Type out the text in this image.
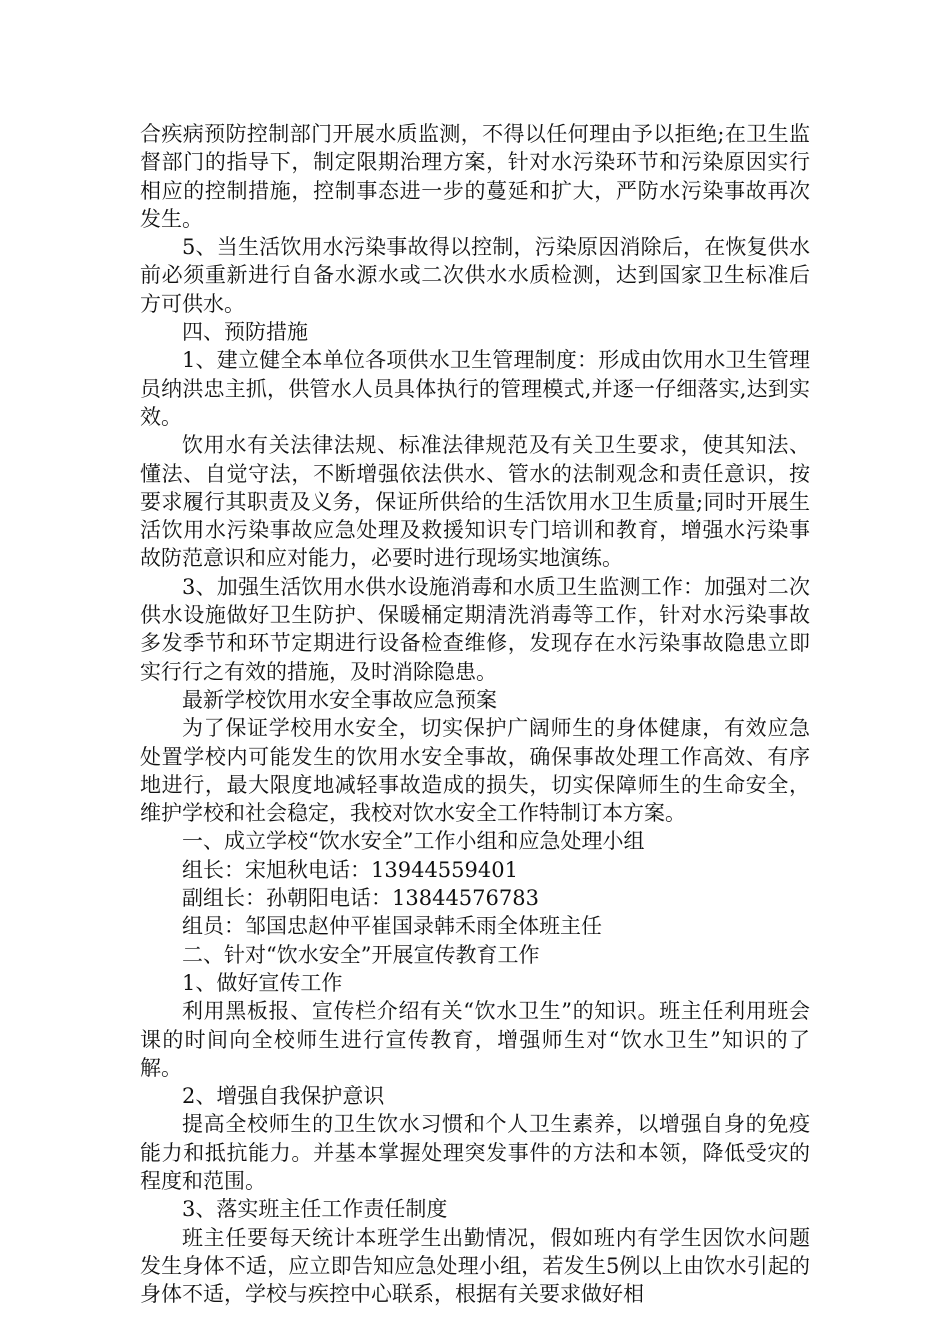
合疾病预防控制部门开展水质监测，不得以任何理由予以拒绝;在卫生监督部门的指导下，制定限期治理方案，针对水污染环节和污染原因实行相应的控制措施，控制事态进一步的蔓延和扩大，严防水污染事故再次发生。

5、当生活饮用水污染事故得以控制，污染原因消除后，在恢复供水前必须重新进行自备水源水或二次供水水质检测，达到国家卫生标准后方可供水。

四、预防措施

1、建立健全本单位各项供水卫生管理制度：形成由饮用水卫生管理员纳洪忠主抓，供管水人员具体执行的管理模式,并逐一仔细落实,达到实效。

饮用水有关法律法规、标准法律规范及有关卫生要求，使其知法、懂法、自觉守法，不断增强依法供水、管水的法制观念和责任意识，按要求履行其职责及义务，保证所供给的生活饮用水卫生质量;同时开展生活饮用水污染事故应急处理及救援知识专门培训和教育，增强水污染事故防范意识和应对能力，必要时进行现场实地演练。

3、加强生活饮用水供水设施消毒和水质卫生监测工作：加强对二次供水设施做好卫生防护、保暖桶定期清洗消毒等工作，针对水污染事故多发季节和环节定期进行设备检查维修，发现存在水污染事故隐患立即实行行之有效的措施，及时消除隐患。

最新学校饮用水安全事故应急预案

为了保证学校用水安全，切实保护广阔师生的身体健康，有效应急处置学校内可能发生的饮用水安全事故，确保事故处理工作高效、有序地进行，最大限度地减轻事故造成的损失，切实保障师生的生命安全，维护学校和社会稳定，我校对饮水安全工作特制订本方案。

一、成立学校“饮水安全”工作小组和应急处理小组

组长：宋旭秋电话：13944559401

副组长：孙朝阳电话：13844576783

组员：邹国忠赵仲平崔国录韩禾雨全体班主任

二、针对“饮水安全”开展宣传教育工作

1、做好宣传工作

利用黑板报、宣传栏介绍有关“饮水卫生”的知识。班主任利用班会课的时间向全校师生进行宣传教育，增强师生对“饮水卫生”知识的了解。

2、增强自我保护意识

提高全校师生的卫生饮水习惯和个人卫生素养，以增强自身的免疫能力和抵抗能力。并基本掌握处理突发事件的方法和本领，降低受灾的程度和范围。

3、落实班主任工作责任制度

班主任要每天统计本班学生出勤情况，假如班内有学生因饮水问题发生身体不适，应立即告知应急处理小组，若发生5例以上由饮水引起的身体不适，学校与疾控中心联系，根据有关要求做好相
